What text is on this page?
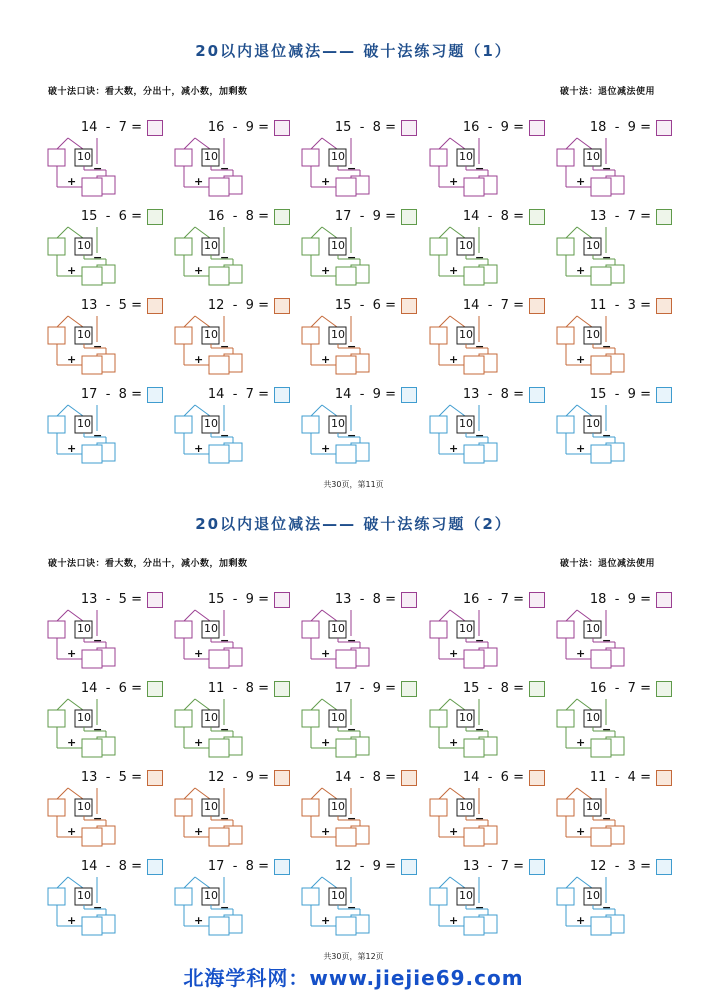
20以内退位减法—— 破十法练习题（1）
破十法口诀：看大数，分出十，减小数，加剩数	破十法：退位减法使用
14 - 7 =
10
+
−
16 - 9 =
10
+
−
15 - 8 =
10
+
−
16 - 9 =
10
+
−
18 - 9 =
10
+
−
15 - 6 =
10
+
−
16 - 8 =
10
+
−
17 - 9 =
10
+
−
14 - 8 =
10
+
−
13 - 7 =
10
+
−
13 - 5 =
10
+
−
12 - 9 =
10
+
−
15 - 6 =
10
+
−
14 - 7 =
10
+
−
11 - 3 =
10
+
−
17 - 8 =
10
+
−
14 - 7 =
10
+
−
14 - 9 =
10
+
−
13 - 8 =
10
+
−
15 - 9 =
10
+
−
共30页，第11页
20以内退位减法—— 破十法练习题（2）
破十法口诀：看大数，分出十，减小数，加剩数	破十法：退位减法使用
13 - 5 =
10
+
−
15 - 9 =
10
+
−
13 - 8 =
10
+
−
16 - 7 =
10
+
−
18 - 9 =
10
+
−
14 - 6 =
10
+
−
11 - 8 =
10
+
−
17 - 9 =
10
+
−
15 - 8 =
10
+
−
16 - 7 =
10
+
−
13 - 5 =
10
+
−
12 - 9 =
10
+
−
14 - 8 =
10
+
−
14 - 6 =
10
+
−
11 - 4 =
10
+
−
14 - 8 =
10
+
−
17 - 8 =
10
+
−
12 - 9 =
10
+
−
13 - 7 =
10
+
−
12 - 3 =
10
+
−
共30页，第12页
北海学科网：www.jiejie69.com
